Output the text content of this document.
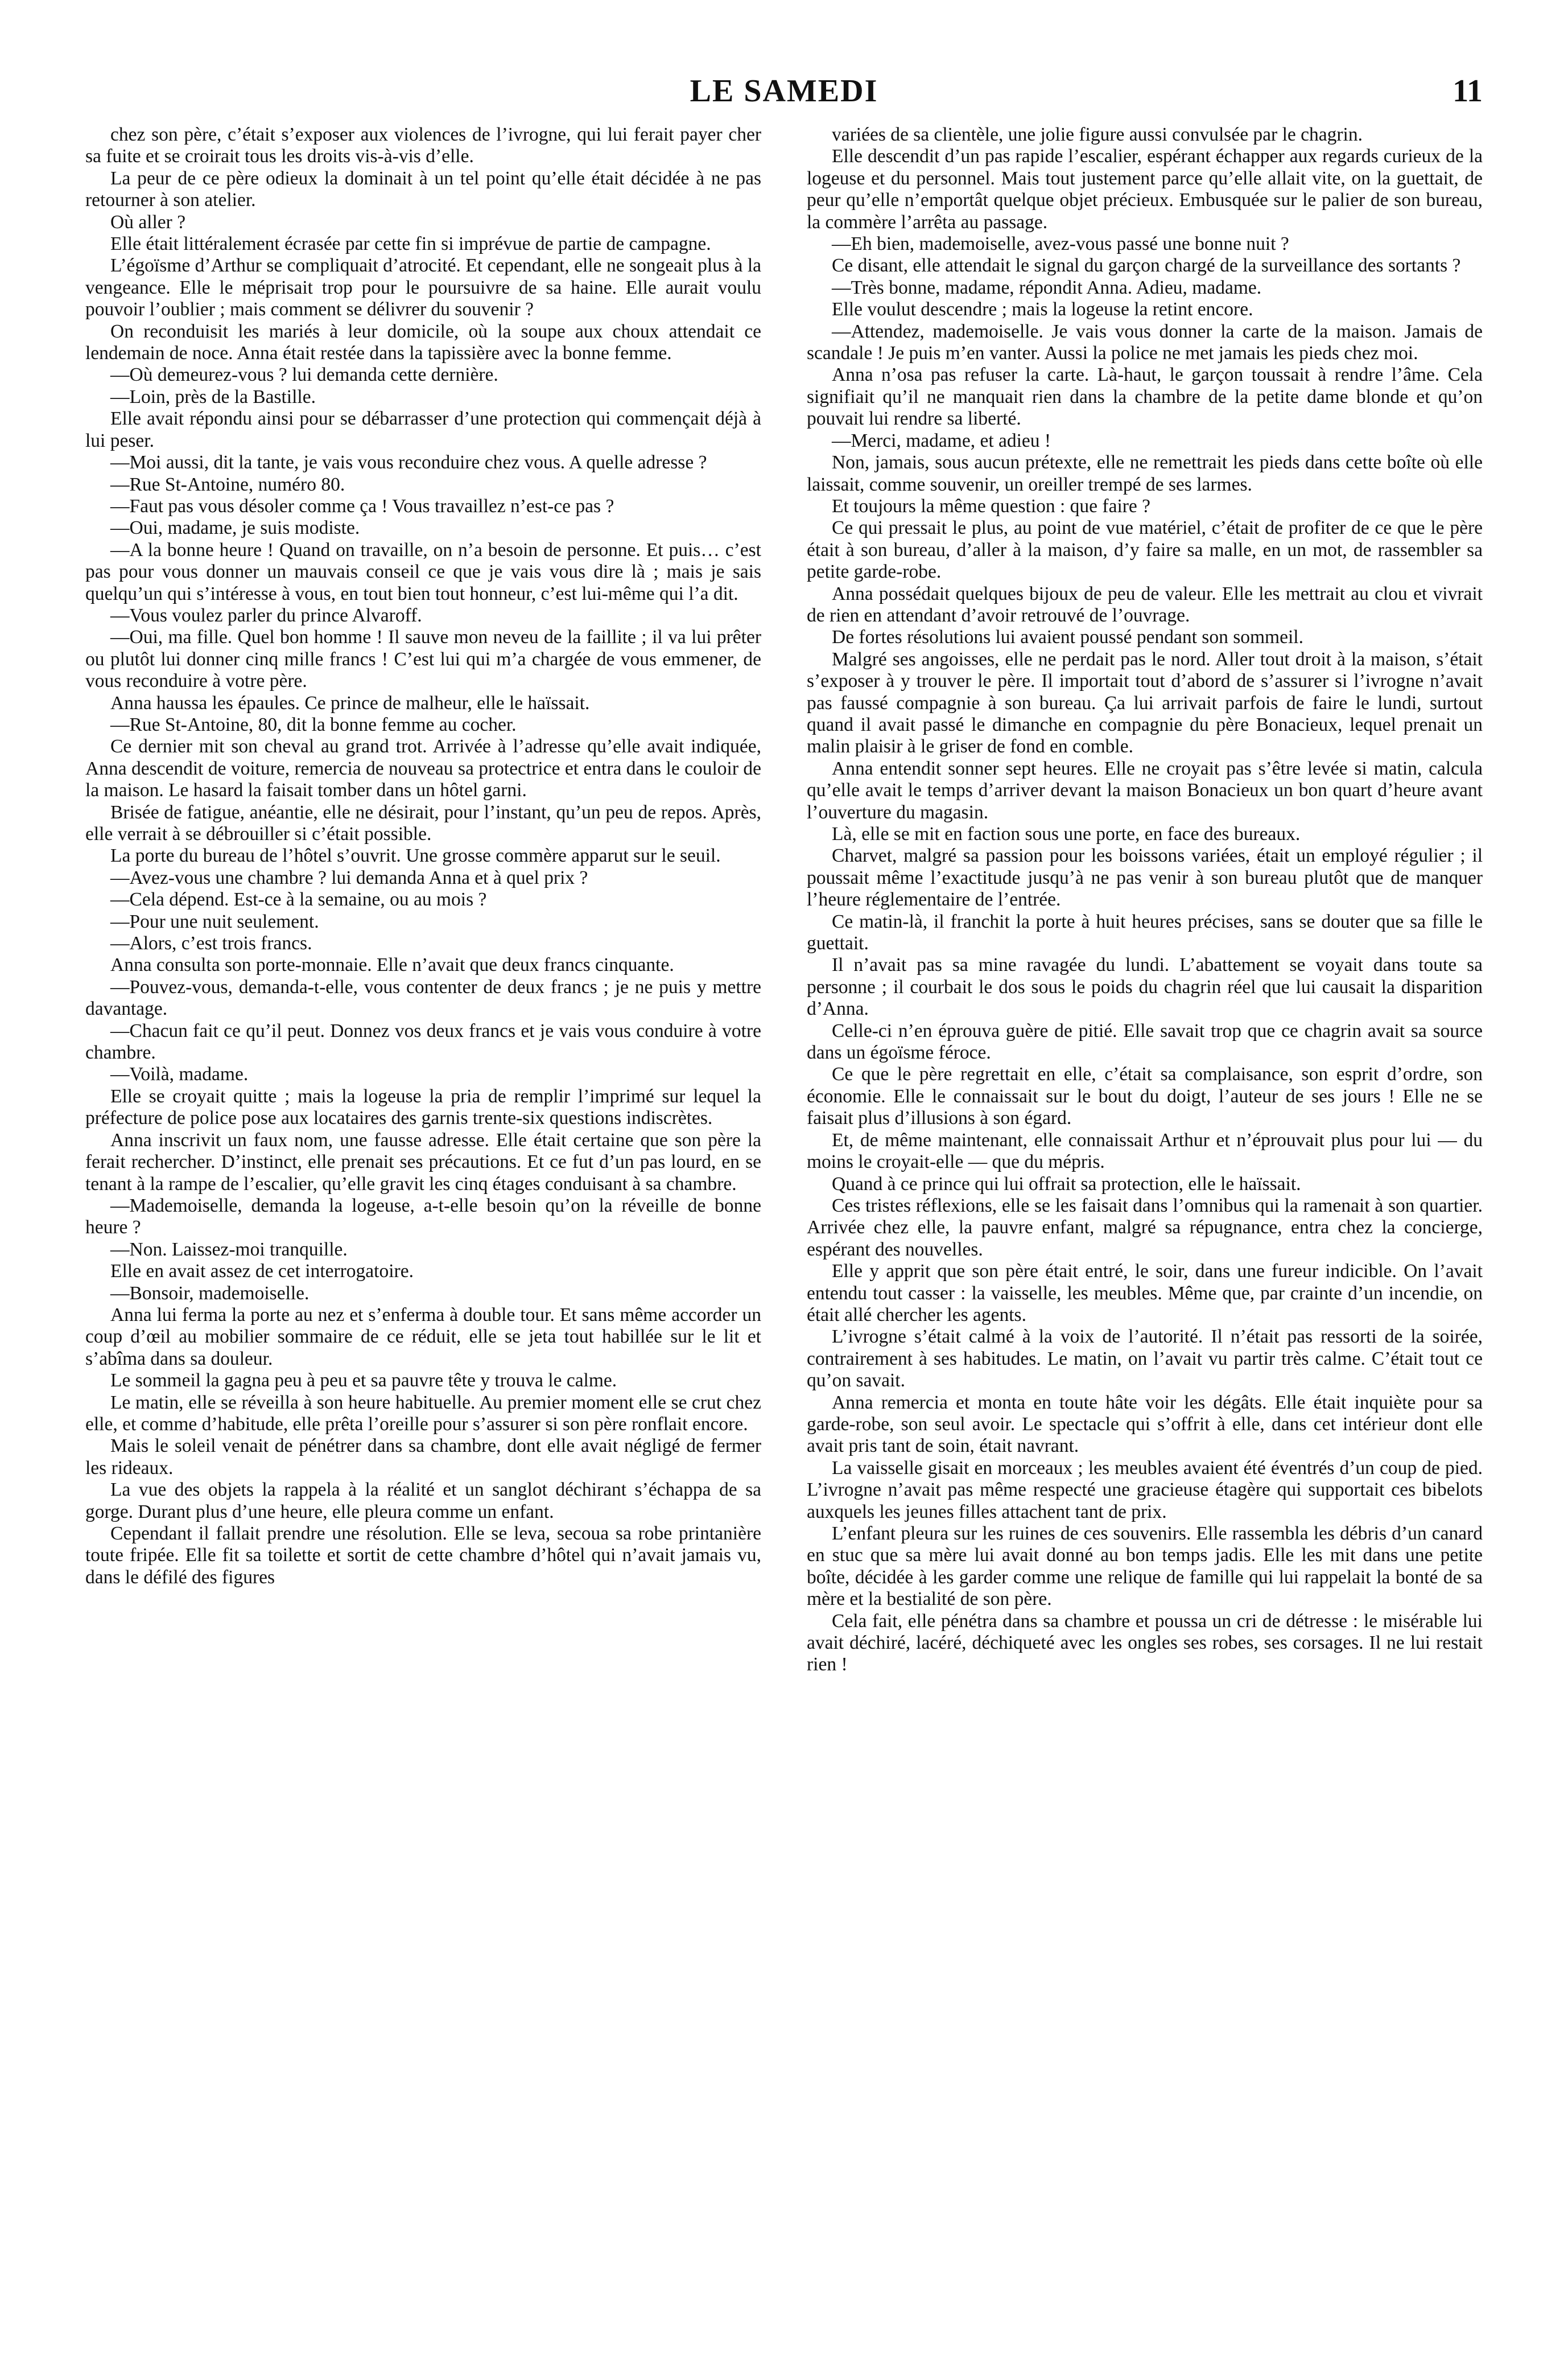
LE SAMEDI	11

chez son père, c’était s’exposer aux violences de l’ivrogne, qui lui ferait payer cher sa fuite et se croirait tous les droits vis-à-vis d’elle.

La peur de ce père odieux la dominait à un tel point qu’elle était décidée à ne pas retourner à son atelier.

Où aller ?

Elle était littéralement écrasée par cette fin si imprévue de partie de campagne.

L’égoïsme d’Arthur se compliquait d’atrocité. Et cependant, elle ne songeait plus à la vengeance. Elle le méprisait trop pour le poursuivre de sa haine. Elle aurait voulu pouvoir l’oublier ; mais comment se délivrer du souvenir ?

On reconduisit les mariés à leur domicile, où la soupe aux choux attendait ce lendemain de noce. Anna était restée dans la tapissière avec la bonne femme.

—Où demeurez-vous ? lui demanda cette dernière.

—Loin, près de la Bastille.

Elle avait répondu ainsi pour se débarrasser d’une protection qui commençait déjà à lui peser.

—Moi aussi, dit la tante, je vais vous reconduire chez vous. A quelle adresse ?

—Rue St-Antoine, numéro 80.

—Faut pas vous désoler comme ça ! Vous travaillez n’est-ce pas ?

—Oui, madame, je suis modiste.

—A la bonne heure ! Quand on travaille, on n’a besoin de personne. Et puis… c’est pas pour vous donner un mauvais conseil ce que je vais vous dire là ; mais je sais quelqu’un qui s’intéresse à vous, en tout bien tout honneur, c’est lui-même qui l’a dit.

—Vous voulez parler du prince Alvaroff.

—Oui, ma fille. Quel bon homme ! Il sauve mon neveu de la faillite ; il va lui prêter ou plutôt lui donner cinq mille francs ! C’est lui qui m’a chargée de vous emmener, de vous reconduire à votre père.

Anna haussa les épaules. Ce prince de malheur, elle le haïssait.

—Rue St-Antoine, 80, dit la bonne femme au cocher.

Ce dernier mit son cheval au grand trot. Arrivée à l’adresse qu’elle avait indiquée, Anna descendit de voiture, remercia de nouveau sa protectrice et entra dans le couloir de la maison. Le hasard la faisait tomber dans un hôtel garni.

Brisée de fatigue, anéantie, elle ne désirait, pour l’instant, qu’un peu de repos. Après, elle verrait à se débrouiller si c’était possible.

La porte du bureau de l’hôtel s’ouvrit. Une grosse commère apparut sur le seuil.

—Avez-vous une chambre ? lui demanda Anna et à quel prix ?

—Cela dépend. Est-ce à la semaine, ou au mois ?

—Pour une nuit seulement.

—Alors, c’est trois francs.

Anna consulta son porte-monnaie. Elle n’avait que deux francs cinquante.

—Pouvez-vous, demanda-t-elle, vous contenter de deux francs ; je ne puis y mettre davantage.

—Chacun fait ce qu’il peut. Donnez vos deux francs et je vais vous conduire à votre chambre.

—Voilà, madame.

Elle se croyait quitte ; mais la logeuse la pria de remplir l’imprimé sur lequel la préfecture de police pose aux locataires des garnis trente-six questions indiscrètes.

Anna inscrivit un faux nom, une fausse adresse. Elle était certaine que son père la ferait rechercher. D’instinct, elle prenait ses précautions. Et ce fut d’un pas lourd, en se tenant à la rampe de l’escalier, qu’elle gravit les cinq étages conduisant à sa chambre.

—Mademoiselle, demanda la logeuse, a-t-elle besoin qu’on la réveille de bonne heure ?

—Non. Laissez-moi tranquille.

Elle en avait assez de cet interrogatoire.

—Bonsoir, mademoiselle.

Anna lui ferma la porte au nez et s’enferma à double tour. Et sans même accorder un coup d’œil au mobilier sommaire de ce réduit, elle se jeta tout habillée sur le lit et s’abîma dans sa douleur.

Le sommeil la gagna peu à peu et sa pauvre tête y trouva le calme.

Le matin, elle se réveilla à son heure habituelle. Au premier moment elle se crut chez elle, et comme d’habitude, elle prêta l’oreille pour s’assurer si son père ronflait encore.

Mais le soleil venait de pénétrer dans sa chambre, dont elle avait négligé de fermer les rideaux.

La vue des objets la rappela à la réalité et un sanglot déchirant s’échappa de sa gorge. Durant plus d’une heure, elle pleura comme un enfant.

Cependant il fallait prendre une résolution. Elle se leva, secoua sa robe printanière toute fripée. Elle fit sa toilette et sortit de cette chambre d’hôtel qui n’avait jamais vu, dans le défilé des figures

variées de sa clientèle, une jolie figure aussi convulsée par le chagrin.

Elle descendit d’un pas rapide l’escalier, espérant échapper aux regards curieux de la logeuse et du personnel. Mais tout justement parce qu’elle allait vite, on la guettait, de peur qu’elle n’emportât quelque objet précieux. Embusquée sur le palier de son bureau, la commère l’arrêta au passage.

—Eh bien, mademoiselle, avez-vous passé une bonne nuit ?

Ce disant, elle attendait le signal du garçon chargé de la surveillance des sortants ?

—Très bonne, madame, répondit Anna. Adieu, madame.

Elle voulut descendre ; mais la logeuse la retint encore.

—Attendez, mademoiselle. Je vais vous donner la carte de la maison. Jamais de scandale ! Je puis m’en vanter. Aussi la police ne met jamais les pieds chez moi.

Anna n’osa pas refuser la carte. Là-haut, le garçon toussait à rendre l’âme. Cela signifiait qu’il ne manquait rien dans la chambre de la petite dame blonde et qu’on pouvait lui rendre sa liberté.

—Merci, madame, et adieu !

Non, jamais, sous aucun prétexte, elle ne remettrait les pieds dans cette boîte où elle laissait, comme souvenir, un oreiller trempé de ses larmes.

Et toujours la même question : que faire ?

Ce qui pressait le plus, au point de vue matériel, c’était de profiter de ce que le père était à son bureau, d’aller à la maison, d’y faire sa malle, en un mot, de rassembler sa petite garde-robe.

Anna possédait quelques bijoux de peu de valeur. Elle les mettrait au clou et vivrait de rien en attendant d’avoir retrouvé de l’ouvrage.

De fortes résolutions lui avaient poussé pendant son sommeil.

Malgré ses angoisses, elle ne perdait pas le nord. Aller tout droit à la maison, s’était s’exposer à y trouver le père. Il importait tout d’abord de s’assurer si l’ivrogne n’avait pas faussé compagnie à son bureau. Ça lui arrivait parfois de faire le lundi, surtout quand il avait passé le dimanche en compagnie du père Bonacieux, lequel prenait un malin plaisir à le griser de fond en comble.

Anna entendit sonner sept heures. Elle ne croyait pas s’être levée si matin, calcula qu’elle avait le temps d’arriver devant la maison Bonacieux un bon quart d’heure avant l’ouverture du magasin.

Là, elle se mit en faction sous une porte, en face des bureaux.

Charvet, malgré sa passion pour les boissons variées, était un employé régulier ; il poussait même l’exactitude jusqu’à ne pas venir à son bureau plutôt que de manquer l’heure réglementaire de l’entrée.

Ce matin-là, il franchit la porte à huit heures précises, sans se douter que sa fille le guettait.

Il n’avait pas sa mine ravagée du lundi. L’abattement se voyait dans toute sa personne ; il courbait le dos sous le poids du chagrin réel que lui causait la disparition d’Anna.

Celle-ci n’en éprouva guère de pitié. Elle savait trop que ce chagrin avait sa source dans un égoïsme féroce.

Ce que le père regrettait en elle, c’était sa complaisance, son esprit d’ordre, son économie. Elle le connaissait sur le bout du doigt, l’auteur de ses jours ! Elle ne se faisait plus d’illusions à son égard.

Et, de même maintenant, elle connaissait Arthur et n’éprouvait plus pour lui — du moins le croyait-elle — que du mépris.

Quand à ce prince qui lui offrait sa protection, elle le haïssait.

Ces tristes réflexions, elle se les faisait dans l’omnibus qui la ramenait à son quartier. Arrivée chez elle, la pauvre enfant, malgré sa répugnance, entra chez la concierge, espérant des nouvelles.

Elle y apprit que son père était entré, le soir, dans une fureur indicible. On l’avait entendu tout casser : la vaisselle, les meubles. Même que, par crainte d’un incendie, on était allé chercher les agents.

L’ivrogne s’était calmé à la voix de l’autorité. Il n’était pas ressorti de la soirée, contrairement à ses habitudes. Le matin, on l’avait vu partir très calme. C’était tout ce qu’on savait.

Anna remercia et monta en toute hâte voir les dégâts. Elle était inquiète pour sa garde-robe, son seul avoir. Le spectacle qui s’offrit à elle, dans cet intérieur dont elle avait pris tant de soin, était navrant.

La vaisselle gisait en morceaux ; les meubles avaient été éventrés d’un coup de pied. L’ivrogne n’avait pas même respecté une gracieuse étagère qui supportait ces bibelots auxquels les jeunes filles attachent tant de prix.

L’enfant pleura sur les ruines de ces souvenirs. Elle rassembla les débris d’un canard en stuc que sa mère lui avait donné au bon temps jadis. Elle les mit dans une petite boîte, décidée à les garder comme une relique de famille qui lui rappelait la bonté de sa mère et la bestialité de son père.

Cela fait, elle pénétra dans sa chambre et poussa un cri de détresse : le misérable lui avait déchiré, lacéré, déchiqueté avec les ongles ses robes, ses corsages. Il ne lui restait rien !
